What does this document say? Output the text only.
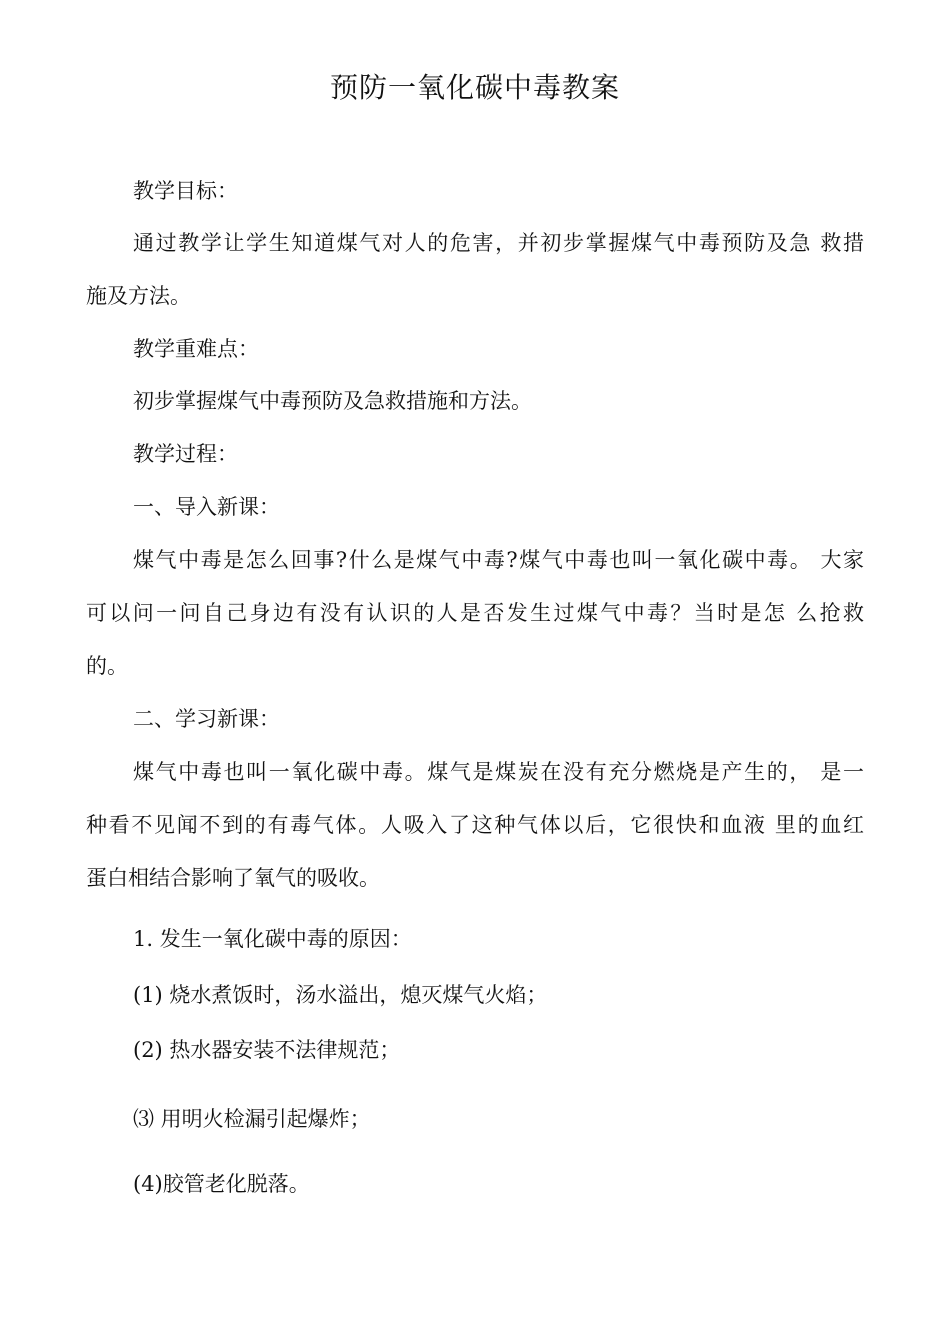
预防一氧化碳中毒教案
教学目标：
通过教学让学生知道煤气对人的危害，并初步掌握煤气中毒预防及急 救措
施及方法。
教学重难点：
初步掌握煤气中毒预防及急救措施和方法。
教学过程：
一、导入新课：
煤气中毒是怎么回事?什么是煤气中毒?煤气中毒也叫一氧化碳中毒。 大家
可以问一问自己身边有没有认识的人是否发生过煤气中毒？当时是怎 么抢救
的。
二、学习新课：
煤气中毒也叫一氧化碳中毒。煤气是煤炭在没有充分燃烧是产生的， 是一
种看不见闻不到的有毒气体。人吸入了这种气体以后，它很快和血液 里的血红
蛋白相结合影响了氧气的吸收。
1. 发生一氧化碳中毒的原因：
(1) 烧水煮饭时，汤水溢出，熄灭煤气火焰；
(2) 热水器安装不法律规范；
⑶ 用明火检漏引起爆炸；
(4)胶管老化脱落。
